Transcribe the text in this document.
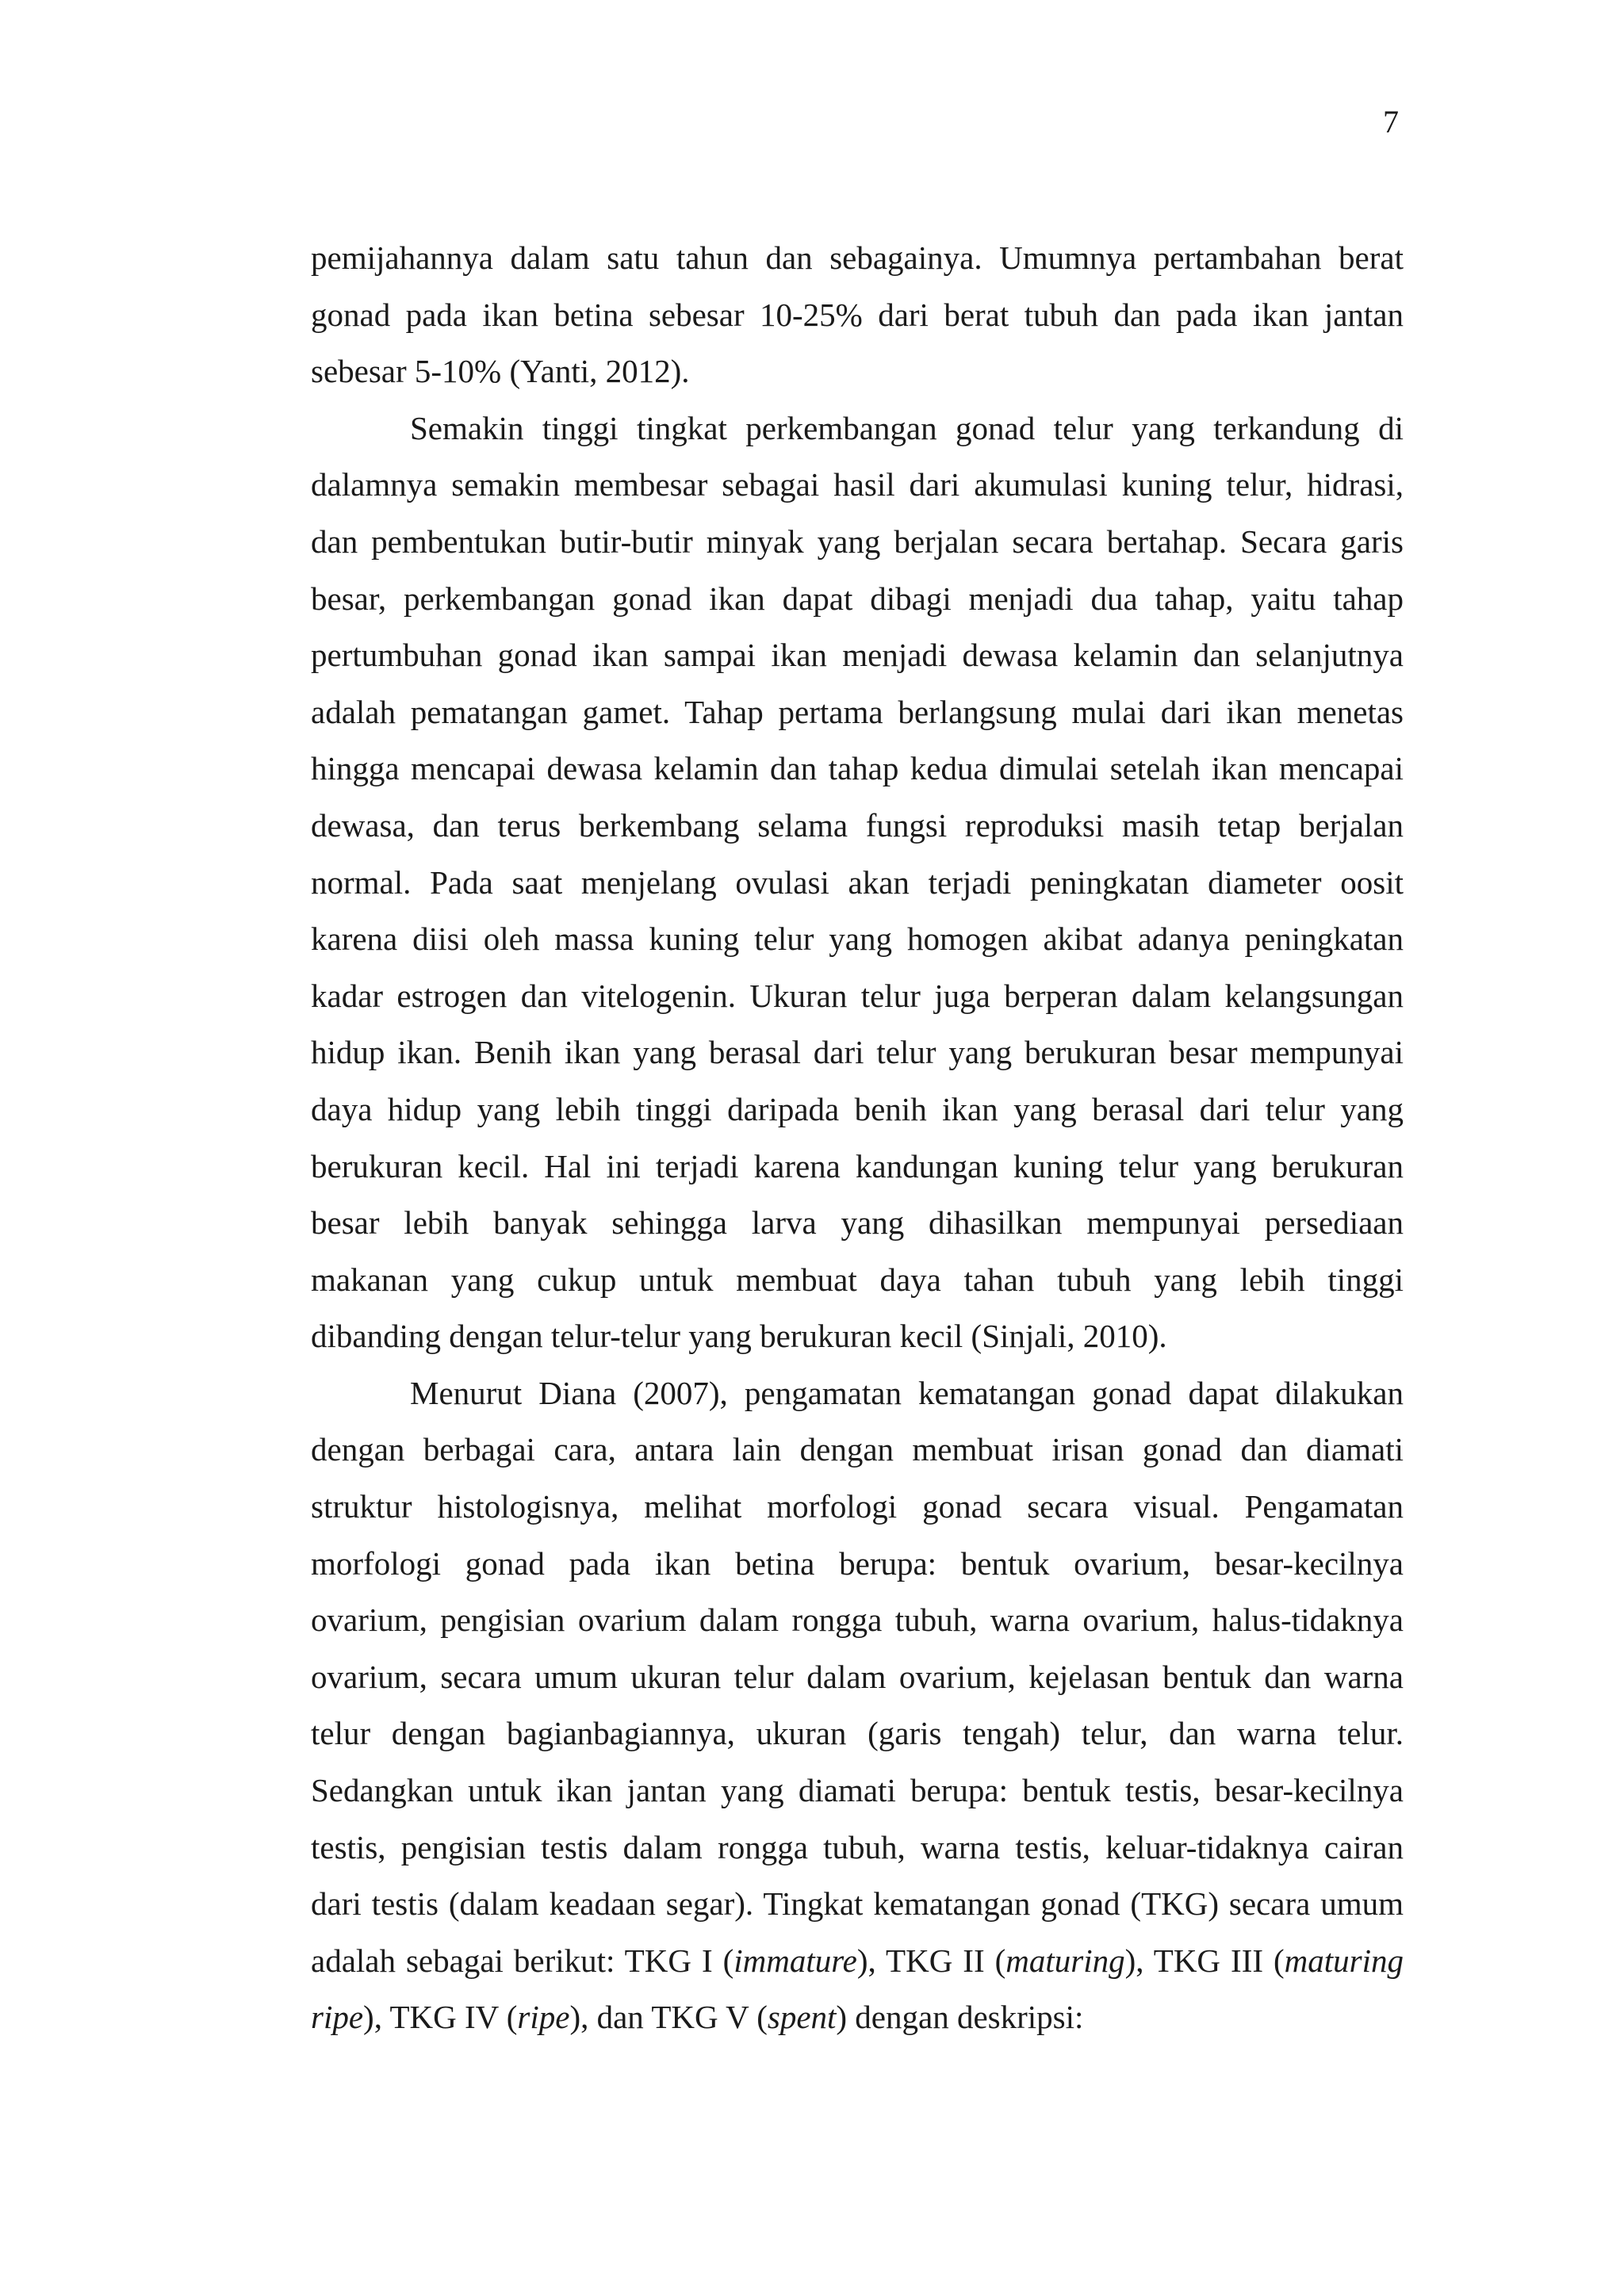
7
pemijahannya dalam satu tahun dan sebagainya. Umumnya pertambahan berat
gonad pada ikan betina sebesar 10-25% dari berat tubuh dan pada ikan jantan
sebesar 5-10% (Yanti, 2012).
Semakin tinggi tingkat perkembangan gonad telur yang terkandung di
dalamnya semakin membesar sebagai hasil dari akumulasi kuning telur, hidrasi,
dan pembentukan butir-butir minyak yang berjalan secara bertahap. Secara garis
besar, perkembangan gonad ikan dapat dibagi menjadi dua tahap, yaitu tahap
pertumbuhan gonad ikan sampai ikan menjadi dewasa kelamin dan selanjutnya
adalah pematangan gamet. Tahap pertama berlangsung mulai dari ikan menetas
hingga mencapai dewasa kelamin dan tahap kedua dimulai setelah ikan mencapai
dewasa, dan terus berkembang selama fungsi reproduksi masih tetap berjalan
normal. Pada saat menjelang ovulasi akan terjadi peningkatan diameter oosit
karena diisi oleh massa kuning telur yang homogen akibat adanya peningkatan
kadar estrogen dan vitelogenin. Ukuran telur juga berperan dalam kelangsungan
hidup ikan. Benih ikan yang berasal dari telur yang berukuran besar mempunyai
daya hidup yang lebih tinggi daripada benih ikan yang berasal dari telur yang
berukuran kecil. Hal ini terjadi karena kandungan kuning telur yang berukuran
besar lebih banyak sehingga larva yang dihasilkan mempunyai persediaan
makanan yang cukup untuk membuat daya tahan tubuh yang lebih tinggi
dibanding dengan telur-telur yang berukuran kecil (Sinjali, 2010).
Menurut Diana (2007), pengamatan kematangan gonad dapat dilakukan
dengan berbagai cara, antara lain dengan membuat irisan gonad dan diamati
struktur histologisnya, melihat morfologi gonad secara visual. Pengamatan
morfologi gonad pada ikan betina berupa: bentuk ovarium, besar-kecilnya
ovarium, pengisian ovarium dalam rongga tubuh, warna ovarium, halus-tidaknya
ovarium, secara umum ukuran telur dalam ovarium, kejelasan bentuk dan warna
telur dengan bagianbagiannya, ukuran (garis tengah) telur, dan warna telur.
Sedangkan untuk ikan jantan yang diamati berupa: bentuk testis, besar-kecilnya
testis, pengisian testis dalam rongga tubuh, warna testis, keluar-tidaknya cairan
dari testis (dalam keadaan segar). Tingkat kematangan gonad (TKG) secara umum
adalah sebagai berikut: TKG I (immature), TKG II (maturing), TKG III (maturing
ripe), TKG IV (ripe), dan TKG V (spent) dengan deskripsi:
